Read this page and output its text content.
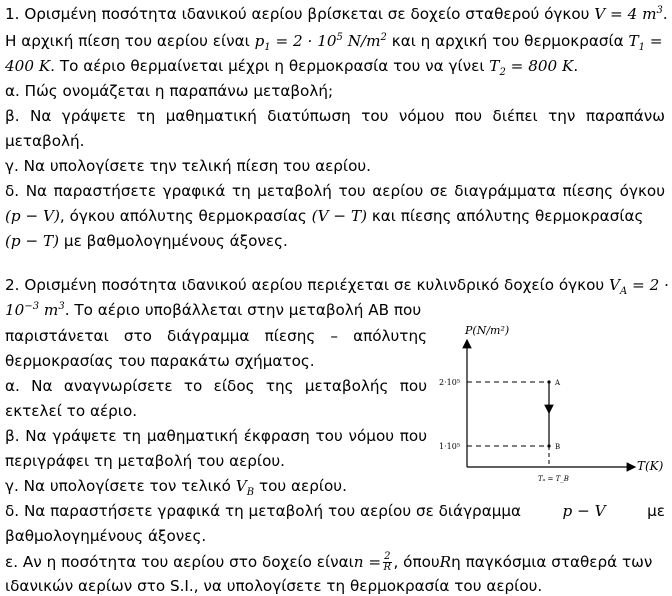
1. Ορισμένη ποσότητα ιδανικού αερίου βρίσκεται σε δοχείο σταθερού όγκου V = 4 $m^3$.
Η αρχική πίεση του αερίου είναι $p_1 = 2 \cdot 10^5$ $N/m^2$ και η αρχική του θερμοκρασία $T_1$ =
400 K. Το αέριο θερμαίνεται μέχρι η θερμοκρασία του να γίνει $T_2 = 800$ K.
α. Πώς ονομάζεται η παραπάνω μεταβολή;
β. Να γράψετε τη μαθηματική διατύπωση του νόμου που διέπει την παραπάνω
μεταβολή.
γ. Να υπολογίσετε την τελική πίεση του αερίου.
δ. Να παραστήσετε γραφικά τη μεταβολή του αερίου σε διαγράμματα πίεσης όγκου
(p − V), όγκου απόλυτης θερμοκρασίας (V − T) και πίεσης απόλυτης θερμοκρασίας
(p − T) με βαθμολογημένους άξονες.
2. Ορισμένη ποσότητα ιδανικού αερίου περιέχεται σε κυλινδρικό δοχείο όγκου $V_A = 2$ ·
$10^{-3}$ $m^3$. Το αέριο υποβάλλεται στην μεταβολή ΑΒ που
παριστάνεται στο διάγραμμα πίεσης – απόλυτης
θερμοκρασίας του παρακάτω σχήματος.
α. Να αναγνωρίσετε το είδος της μεταβολής που
εκτελεί το αέριο.
β. Να γράψετε τη μαθηματική έκφραση του νόμου που
περιγράφει τη μεταβολή του αερίου.
γ. Να υπολογίσετε τον τελικό $V_B$ του αερίου.
δ. Να παραστήσετε γραφικά τη μεταβολή του αερίου σε διάγραμμα	p − V	με
βαθμολογημένους άξονες.
ε. Αν η ποσότητα του αερίου στο δοχείο είναι $n = \frac{2}{R}$ , όπου R η παγκόσμια σταθερά των
ιδανικών αερίων στο S.I., να υπολογίσετε τη θερμοκρασία του αερίου.
P(N/m²)
T(K)
2·10⁵
1·10⁵
A
B
Tₐ = T_B
